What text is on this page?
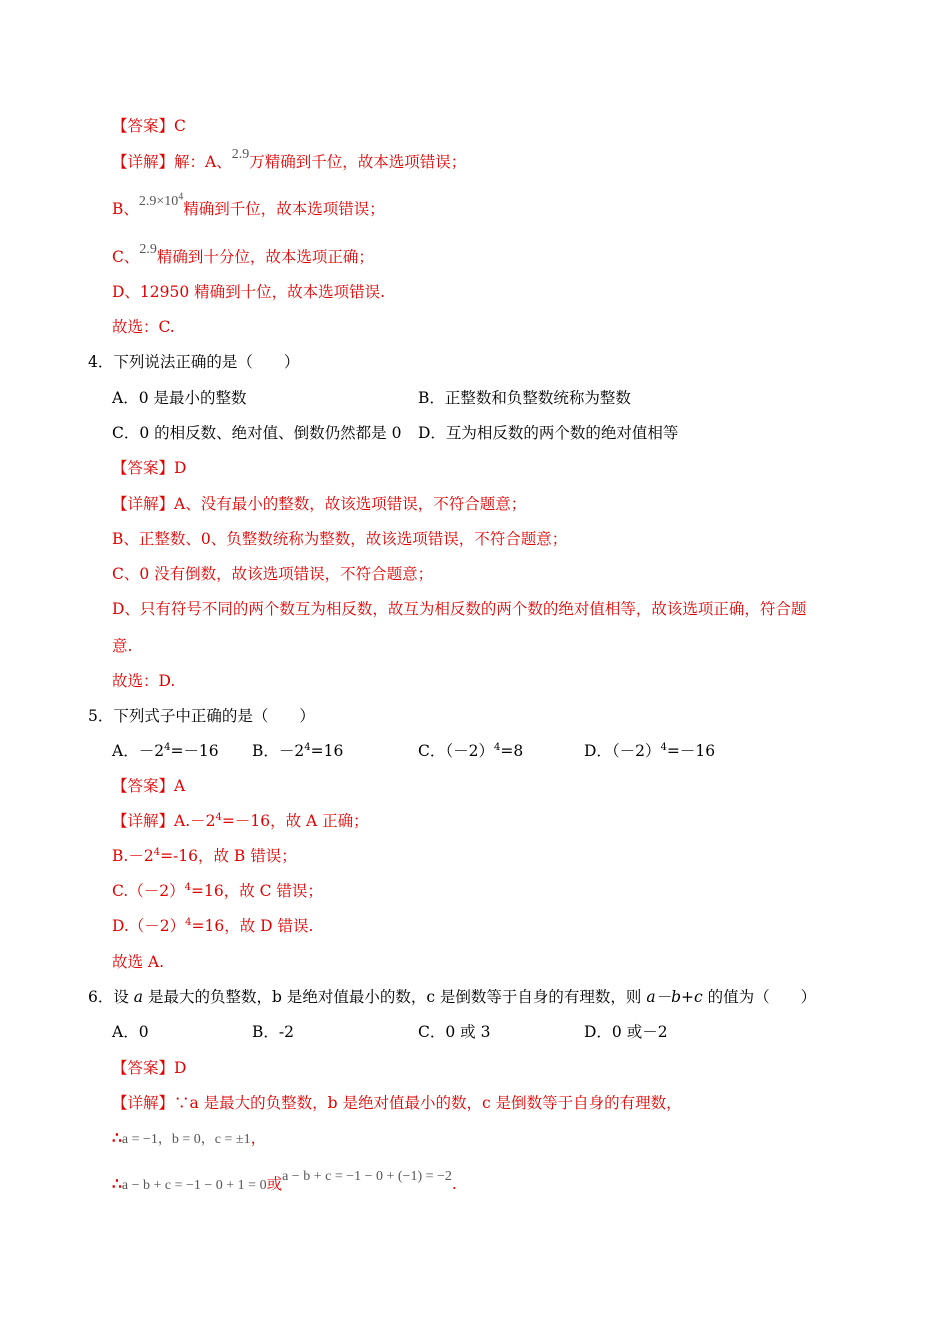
【答案】C
【详解】解：A、2.9万精确到千位，故本选项错误；
B、$2.9\times 10^4$精确到千位，故本选项错误；
C、2.9精确到十分位，故本选项正确；
D、12950 精确到十位，故本选项错误.
故选：C.
4．下列说法正确的是（　　）
A．0 是最小的整数	B．正整数和负整数统称为整数
C．0 的相反数、绝对值、倒数仍然都是 0 D．互为相反数的两个数的绝对值相等
【答案】D
【详解】A、没有最小的整数，故该选项错误，不符合题意；
B、正整数、0、负整数统称为整数，故该选项错误，不符合题意；
C、0 没有倒数，故该选项错误，不符合题意；
D、只有符号不同的两个数互为相反数，故互为相反数的两个数的绝对值相等，故该选项正确，符合题
意.
故选：D.
5．下列式子中正确的是（　　）
A．$-2^4=-16$ B．$-2^4=16$	C．$(-2)^4=8$	D．$(-2)^4=-16$
【答案】A
【详解】$A.-2^4=-16$，故 A 正确；
$B.-2^4=-16$，故 B 错误；
$C.(-2)^4=16$，故 C 错误；
$D.(-2)^4=16$，故 D 错误.
故选 A.
6．设 a 是最大的负整数，b 是绝对值最小的数，c 是倒数等于自身的有理数，则 a－b+c 的值为（　　）
A．0	B．-2	C．0 或 3	D．0 或－2
【答案】D
【详解】∵a 是最大的负整数，b 是绝对值最小的数，c 是倒数等于自身的有理数，
∴a = −1，b = 0，c = ±1，
∴a − b + c = −1 − 0 + 1 = 0或a − b + c = −1 − 0 + (−1) = −2.
